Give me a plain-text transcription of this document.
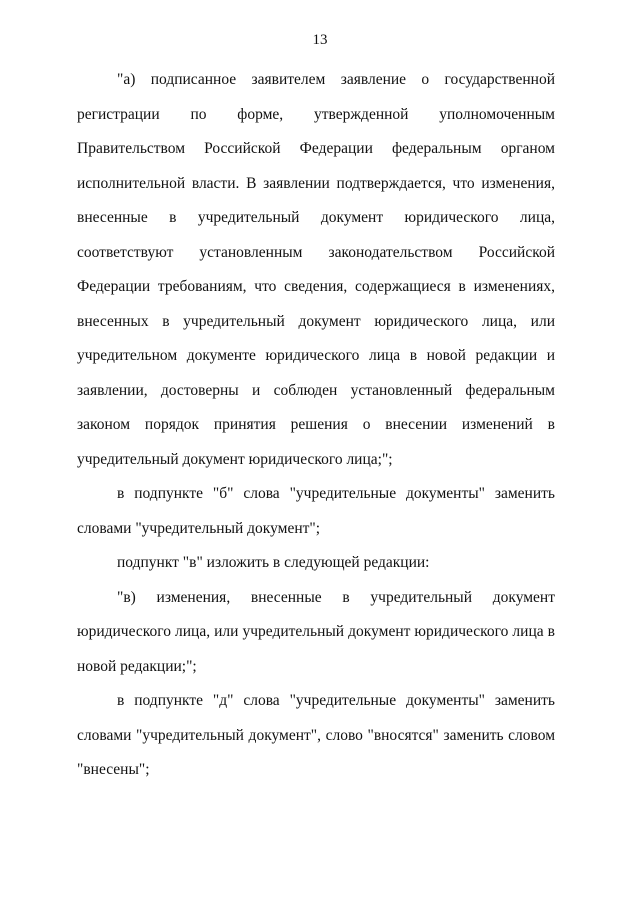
13

"а) подписанное заявителем заявление о государственной регистрации по форме, утвержденной уполномоченным Правительством Российской Федерации федеральным органом исполнительной власти. В заявлении подтверждается, что изменения, внесенные в учредительный документ юридического лица, соответствуют установленным законодательством Российской Федерации требованиям, что сведения, содержащиеся в изменениях, внесенных в учредительный документ юридического лица, или учредительном документе юридического лица в новой редакции и заявлении, достоверны и соблюден установленный федеральным законом порядок принятия решения о внесении изменений в учредительный документ юридического лица;";

в подпункте "б" слова "учредительные документы" заменить словами "учредительный документ";

подпункт "в" изложить в следующей редакции:

"в) изменения, внесенные в учредительный документ юридического лица, или учредительный документ юридического лица в новой редакции;";

в подпункте "д" слова "учредительные документы" заменить словами "учредительный документ", слово "вносятся" заменить словом "внесены";
